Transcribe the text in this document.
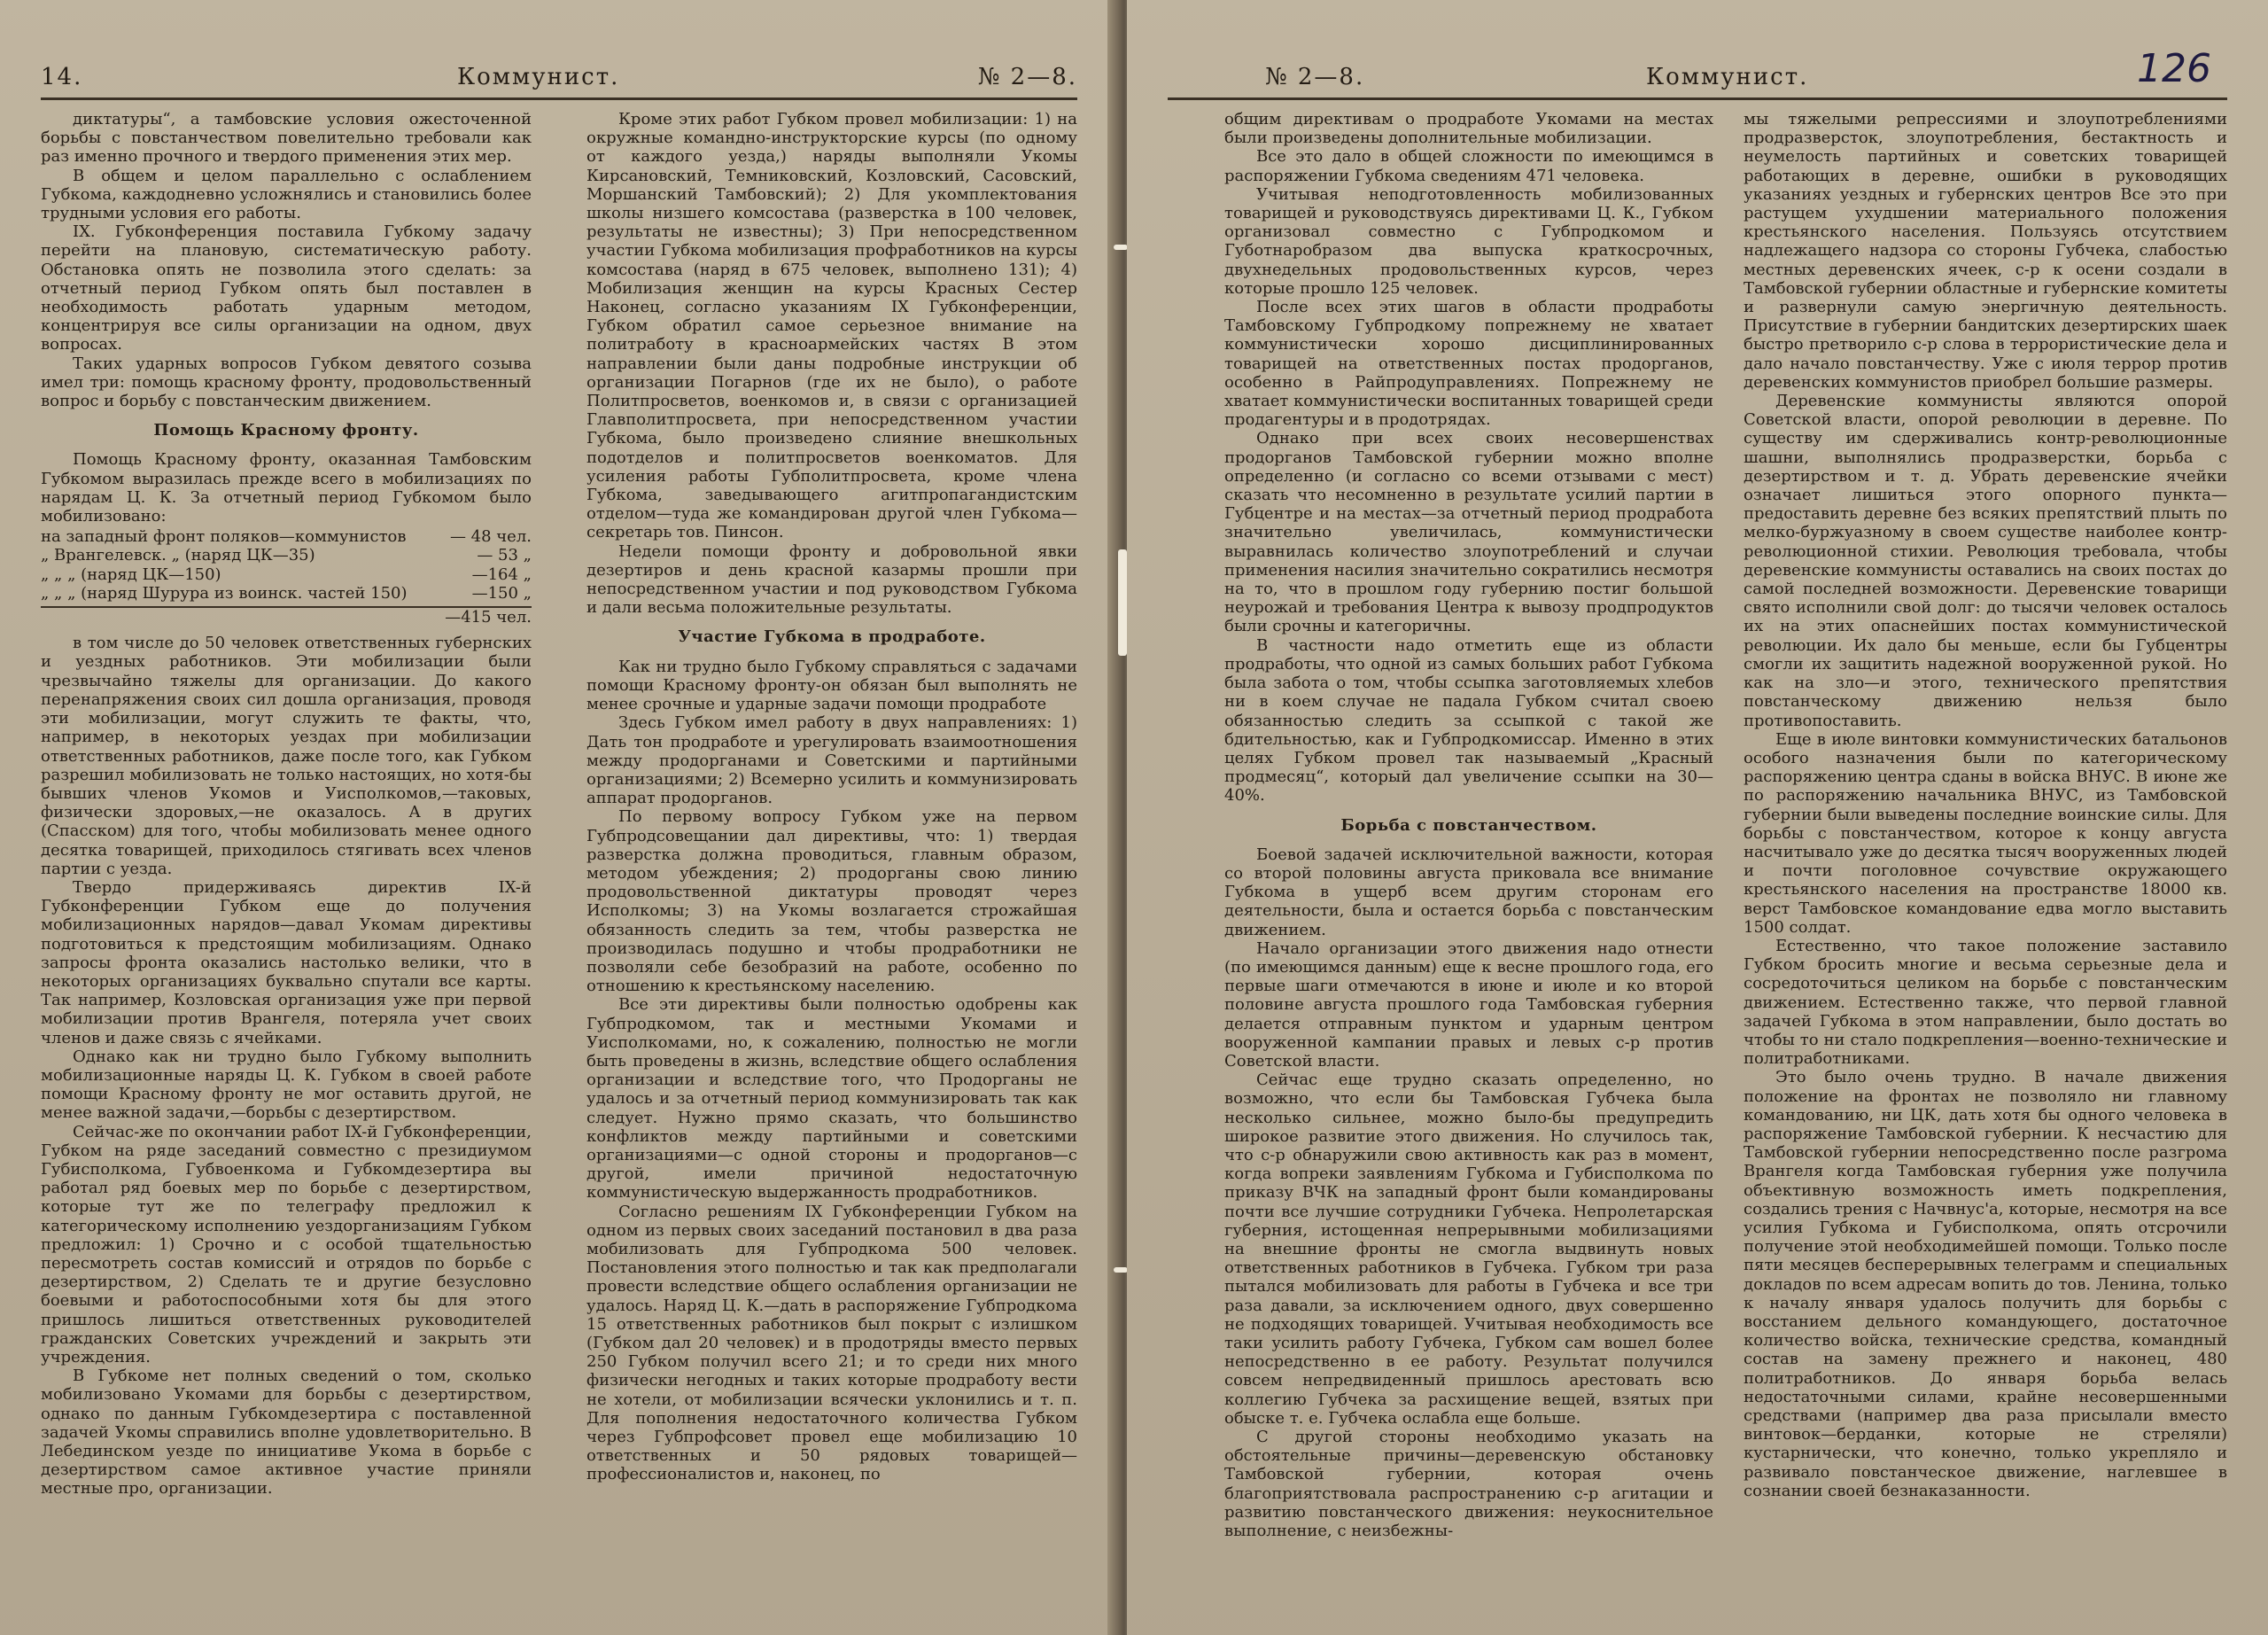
14.	Коммунист.	№ 2—8.

диктатуры“, а тамбовские условия ожесточенной борьбы с повстанчеством повелительно требовали как раз именно прочного и твердого применения этих мер.

В общем и целом параллельно с ослаблением Губкома, каждодневно усложнялись и становились более трудными условия его работы.

IX. Губконференция поставила Губкому задачу перейти на плановую, систематическую работу. Обстановка опять не позволила этого сделать: за отчетный период Губком опять был поставлен в необходимость работать ударным методом, концентрируя все силы организации на одном, двух вопросах.

Таких ударных вопросов Губком девятого созыва имел три: помощь красному фронту, продовольственный вопрос и борьбу с повстанческим движением.

Помощь Красному фронту.

Помощь Красному фронту, оказанная Тамбовским Губкомом выразилась прежде всего в мобилизациях по нарядам Ц. К. За отчетный период Губкомом было мобилизовано:

на западный фронт поляков—коммунистов	— 48 чел.
„ Врангелевск. „ (наряд ЦК—35)	— 53 „
„ „ „ (наряд ЦК—150)	—164 „
„ „ „ (наряд Шурура из воинск. частей 150)	—150 „
—415 чел.

в том числе до 50 человек ответственных губернских и уездных работников. Эти мобилизации были чрезвычайно тяжелы для организации. До какого перенапряжения своих сил дошла организация, проводя эти мобилизации, могут служить те факты, что, например, в некоторых уездах при мобилизации ответственных работников, даже после того, как Губком разрешил мобилизовать не только настоящих, но хотя-бы бывших членов Укомов и Уисполкомов,—таковых, физически здоровых,—не оказалось. А в других (Спасском) для того, чтобы мобилизовать менее одного десятка товарищей, приходилось стягивать всех членов партии с уезда.

Твердо придерживаясь директив IX-й Губконференции Губком еще до получения мобилизационных нарядов—давал Укомам директивы подготовиться к предстоящим мобилизациям. Однако запросы фронта оказались настолько велики, что в некоторых организациях буквально спутали все карты. Так например, Козловская организация уже при первой мобилизации против Врангеля, потеряла учет своих членов и даже связь с ячейками.

Однако как ни трудно было Губкому выполнить мобилизационные наряды Ц. К. Губком в своей работе помощи Красному фронту не мог оставить другой, не менее важной задачи,—борьбы с дезертирством.

Сейчас-же по окончании работ IX-й Губконференции, Губком на ряде заседаний совместно с президиумом Губисполкома, Губвоенкома и Губкомдезертира вы работал ряд боевых мер по борьбе с дезертирством, которые тут же по телеграфу предложил к категорическому исполнению уездорганизациям Губком предложил: 1) Срочно и с особой тщательностью пересмотреть состав комиссий и отрядов по борьбе с дезертирством, 2) Сделать те и другие безусловно боевыми и работоспособными хотя бы для этого пришлось лишиться ответственных руководителей гражданских Советских учреждений и закрыть эти учреждения.

В Губкоме нет полных сведений о том, сколько мобилизовано Укомами для борьбы с дезертирством, однако по данным Губкомдезертира с поставленной задачей Укомы справились вполне удовлетворительно. В Лебединском уезде по инициативе Укома в борьбе с дезертирством самое активное участие приняли местные про, организации.

Кроме этих работ Губком провел мобилизации: 1) на окружные командно-инструкторские курсы (по одному от каждого уезда,) наряды выполняли Укомы Кирсановский, Темниковский, Козловский, Сасовский, Моршанский Тамбовский); 2) Для укомплектования школы низшего комсостава (разверстка в 100 человек, результаты не известны); 3) При непосредственном участии Губкома мобилизация профработников на курсы комсостава (наряд в 675 человек, выполнено 131); 4) Мобилизация женщин на курсы Красных Сестер Наконец, согласно указаниям IX Губконференции, Губком обратил самое серьезное внимание на политработу в красноармейских частях В этом направлении были даны подробные инструкции об организации Погарнов (где их не было), о работе Политпросветов, военкомов и, в связи с организацией Главполитпросвета, при непосредственном участии Губкома, было произведено слияние внешкольных подотделов и политпросветов военкоматов. Для усиления работы Губполитпросвета, кроме члена Губкома, заведывающего агитпропагандистским отделом—туда же командирован другой член Губкома—секретарь тов. Пинсон.

Недели помощи фронту и добровольной явки дезертиров и день красной казармы прошли при непосредственном участии и под руководством Губкома и дали весьма положительные результаты.

Участие Губкома в продработе.

Как ни трудно было Губкому справляться с задачами помощи Красному фронту-он обязан был выполнять не менее срочные и ударные задачи помощи продработе

Здесь Губком имел работу в двух направлениях: 1) Дать тон продработе и урегулировать взаимоотношения между продорганами и Советскими и партийными организациями; 2) Всемерно усилить и коммунизировать аппарат продорганов.

По первому вопросу Губком уже на первом Губпродсовещании дал директивы, что: 1) твердая разверстка должна проводиться, главным образом, методом убеждения; 2) продорганы свою линию продовольственной диктатуры проводят через Исполкомы; 3) на Укомы возлагается строжайшая обязанность следить за тем, чтобы разверстка не производилась подушно и чтобы продработники не позволяли себе безобразий на работе, особенно по отношению к крестьянскому населению.

Все эти директивы были полностью одобрены как Губпродкомом, так и местными Укомами и Уисполкомами, но, к сожалению, полностью не могли быть проведены в жизнь, вследствие общего ослабления организации и вследствие того, что Продорганы не удалось и за отчетный период коммунизировать так как следует. Нужно прямо сказать, что большинство конфликтов между партийными и советскими организациями—с одной стороны и продорганов—с другой, имели причиной недостаточную коммунистическую выдержанность продработников.

Согласно решениям IX Губконференции Губком на одном из первых своих заседаний постановил в два раза мобилизовать для Губпродкома 500 человек. Постановления этого полностью и так как предполагали провести вследствие общего ослабления организации не удалось. Наряд Ц. К.—дать в распоряжение Губпродкома 15 ответственных работников был покрыт с излишком (Губком дал 20 человек) и в продотряды вместо первых 250 Губком получил всего 21; и то среди них много физически негодных и таких которые продработу вести не хотели, от мобилизации всячески уклонились и т. п. Для пополнения недостаточного количества Губком через Губпрофсовет провел еще мобилизацию 10 ответственных и 50 рядовых товарищей—профессионалистов и, наконец, по

№ 2—8.	Коммунист.	126

общим директивам о продработе Укомами на местах были произведены дополнительные мобилизации.

Все это дало в общей сложности по имеющимся в распоряжении Губкома сведениям 471 человека.

Учитывая неподготовленность мобилизованных товарищей и руководствуясь директивами Ц. К., Губком организовал совместно с Губпродкомом и Губотнаробразом два выпуска краткосрочных, двухнедельных продовольственных курсов, через которые прошло 125 человек.

После всех этих шагов в области продработы Тамбовскому Губпродкому попрежнему не хватает коммунистически хорошо дисциплинированных товарищей на ответственных постах продорганов, особенно в Райпродуправлениях. Попрежнему не хватает коммунистически воспитанных товарищей среди продагентуры и в продотрядах.

Однако при всех своих несовершенствах продорганов Тамбовской губернии можно вполне определенно (и согласно со всеми отзывами с мест) сказать что несомненно в результате усилий партии в Губцентре и на местах—за отчетный период продработа значительно увеличилась, коммунистически выравнилась количество злоупотреблений и случаи применения насилия значительно сократились несмотря на то, что в прошлом году губернию постиг большой неурожай и требования Центра к вывозу продпродуктов были срочны и категоричны.

В частности надо отметить еще из области продработы, что одной из самых больших работ Губкома была забота о том, чтобы ссыпка заготовляемых хлебов ни в коем случае не падала Губком считал своею обязанностью следить за ссыпкой с такой же бдительностью, как и Губпродкомиссар. Именно в этих целях Губком провел так называемый „Красный продмесяц“, который дал увеличение ссыпки на 30—40%.

Борьба с повстанчеством.

Боевой задачей исключительной важности, которая со второй половины августа приковала все внимание Губкома в ущерб всем другим сторонам его деятельности, была и остается борьба с повстанческим движением.

Начало организации этого движения надо отнести (по имеющимся данным) еще к весне прошлого года, его первые шаги отмечаются в июне и июле и ко второй половине августа прошлого года Тамбовская губерния делается отправным пунктом и ударным центром вооруженной кампании правых и левых с-р против Советской власти.

Сейчас еще трудно сказать определенно, но возможно, что если бы Тамбовская Губчека была несколько сильнее, можно было-бы предупредить широкое развитие этого движения. Но случилось так, что с-р обнаружили свою активность как раз в момент, когда вопреки заявлениям Губкома и Губисполкома по приказу ВЧК на западный фронт были командированы почти все лучшие сотрудники Губчека. Непролетарская губерния, истощенная непрерывными мобилизациями на внешние фронты не смогла выдвинуть новых ответственных работников в Губчека. Губком три раза пытался мобилизовать для работы в Губчека и все три раза давали, за исключением одного, двух совершенно не подходящих товарищей. Учитывая необходимость все таки усилить работу Губчека, Губком сам вошел более непосредственно в ее работу. Результат получился совсем непредвиденный пришлось арестовать всю коллегию Губчека за расхищение вещей, взятых при обыске т. е. Губчека ослабла еще больше.

С другой стороны необходимо указать на обстоятельные причины—деревенскую обстановку Тамбовской губернии, которая очень благоприятствовала распространению с-р агитации и развитию повстанческого движения: неукоснительное выполнение, с неизбежны-

мы тяжелыми репрессиями и злоупотреблениями продразверсток, злоупотребления, бестактность и неумелость партийных и советских товарищей работающих в деревне, ошибки в руководящих указаниях уездных и губернских центров Все это при растущем ухудшении материального положения крестьянского населения. Пользуясь отсутствием надлежащего надзора со стороны Губчека, слабостью местных деревенских ячеек, с-р к осени создали в Тамбовской губернии областные и губернские комитеты и развернули самую энергичную деятельность. Присутствие в губернии бандитских дезертирских шаек быстро претворило с-р слова в террористические дела и дало начало повстанчеству. Уже с июля террор против деревенских коммунистов приобрел большие размеры.

Деревенские коммунисты являются опорой Советской власти, опорой революции в деревне. По существу им сдерживались контр-революционные шашни, выполнялись продразверстки, борьба с дезертирством и т. д. Убрать деревенские ячейки означает лишиться этого опорного пункта—предоставить деревне без всяких препятствий плыть по мелко-буржуазному в своем существе наиболее контр-революционной стихии. Революция требовала, чтобы деревенские коммунисты оставались на своих постах до самой последней возможности. Деревенские товарищи свято исполнили свой долг: до тысячи человек осталось их на этих опаснейших постах коммунистической революции. Их дало бы меньше, если бы Губцентры смогли их защитить надежной вооруженной рукой. Но как на зло—и этого, технического препятствия повстанческому движению нельзя было противопоставить.

Еще в июле винтовки коммунистических батальонов особого назначения были по категорическому распоряжению центра сданы в войска ВНУС. В июне же по распоряжению начальника ВНУС, из Тамбовской губернии были выведены последние воинские силы. Для борьбы с повстанчеством, которое к концу августа насчитывало уже до десятка тысяч вооруженных людей и почти поголовное сочувствие окружающего крестьянского населения на пространстве 18000 кв. верст Тамбовское командование едва могло выставить 1500 солдат.

Естественно, что такое положение заставило Губком бросить многие и весьма серьезные дела и сосредоточиться целиком на борьбе с повстанческим движением. Естественно также, что первой главной задачей Губкома в этом направлении, было достать во чтобы то ни стало подкрепления—военно-технические и политработниками.

Это было очень трудно. В начале движения положение на фронтах не позволяло ни главному командованию, ни ЦК, дать хотя бы одного человека в распоряжение Тамбовской губернии. К несчастию для Тамбовской губернии непосредственно после разгрома Врангеля когда Тамбовская губерния уже получила объективную возможность иметь подкрепления, создались трения с Начвнус'а, которые, несмотря на все усилия Губкома и Губисполкома, опять отсрочили получение этой необходимейшей помощи. Только после пяти месяцев бесперерывных телеграмм и специальных докладов по всем адресам вопить до тов. Ленина, только к началу января удалось получить для борьбы с восстанием дельного командующего, достаточное количество войска, технические средства, командный состав на замену прежнего и наконец, 480 политработников. До января борьба велась недостаточными силами, крайне несовершенными средствами (например два раза присылали вместо винтовок—берданки, которые не стреляли) кустарнически, что конечно, только укрепляло и развивало повстанческое движение, наглевшее в сознании своей безнаказанности.
